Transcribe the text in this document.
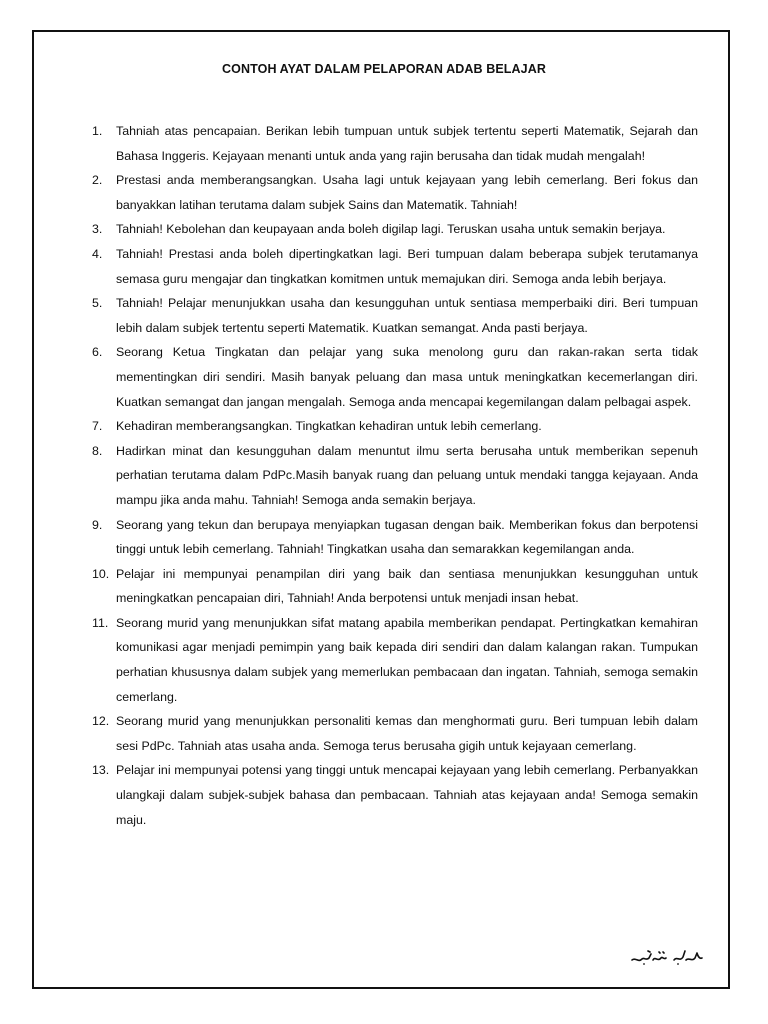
CONTOH AYAT DALAM PELAPORAN ADAB BELAJAR
1.	Tahniah atas pencapaian. Berikan lebih tumpuan untuk subjek tertentu seperti Matematik, Sejarah dan Bahasa Inggeris. Kejayaan menanti untuk anda yang rajin berusaha dan tidak mudah mengalah!
2.	Prestasi anda memberangsangkan. Usaha lagi untuk kejayaan yang lebih cemerlang. Beri fokus dan banyakkan latihan terutama dalam subjek Sains dan Matematik. Tahniah!
3.	Tahniah! Kebolehan dan keupayaan anda boleh digilap lagi. Teruskan usaha untuk semakin berjaya.
4.	Tahniah! Prestasi anda boleh dipertingkatkan lagi. Beri tumpuan dalam beberapa subjek terutamanya semasa guru mengajar dan tingkatkan komitmen untuk memajukan diri. Semoga anda lebih berjaya.
5.	Tahniah! Pelajar menunjukkan usaha dan kesungguhan untuk sentiasa memperbaiki diri. Beri tumpuan lebih dalam subjek tertentu seperti Matematik. Kuatkan semangat. Anda pasti berjaya.
6.	Seorang Ketua Tingkatan dan pelajar yang suka menolong guru dan rakan-rakan serta tidak mementingkan diri sendiri. Masih banyak peluang dan masa untuk meningkatkan kecemerlangan diri. Kuatkan semangat dan jangan mengalah. Semoga anda mencapai kegemilangan dalam pelbagai aspek.
7.	Kehadiran memberangsangkan. Tingkatkan kehadiran untuk lebih cemerlang.
8.	Hadirkan minat dan kesungguhan dalam menuntut ilmu serta berusaha untuk memberikan sepenuh perhatian terutama dalam PdPc.Masih banyak ruang dan peluang untuk mendaki tangga kejayaan. Anda mampu jika anda mahu. Tahniah! Semoga anda semakin berjaya.
9.	Seorang yang tekun dan berupaya menyiapkan tugasan dengan baik. Memberikan fokus dan berpotensi tinggi untuk lebih cemerlang. Tahniah! Tingkatkan usaha dan semarakkan kegemilangan anda.
10. Pelajar ini mempunyai penampilan diri yang baik dan sentiasa menunjukkan kesungguhan untuk meningkatkan pencapaian diri, Tahniah! Anda berpotensi untuk menjadi insan hebat.
11. Seorang murid yang menunjukkan sifat matang apabila memberikan pendapat. Pertingkatkan kemahiran komunikasi agar menjadi pemimpin yang baik kepada diri sendiri dan dalam kalangan rakan. Tumpukan perhatian khususnya dalam subjek yang memerlukan pembacaan dan ingatan. Tahniah, semoga semakin cemerlang.
12. Seorang murid yang menunjukkan personaliti kemas dan menghormati guru. Beri tumpuan lebih dalam sesi PdPc. Tahniah atas usaha anda. Semoga terus berusaha gigih untuk kejayaan cemerlang.
13. Pelajar ini mempunyai potensi yang tinggi untuk mencapai kejayaan yang lebih cemerlang. Perbanyakkan ulangkaji dalam subjek-subjek bahasa dan pembacaan. Tahniah atas kejayaan anda! Semoga semakin maju.
